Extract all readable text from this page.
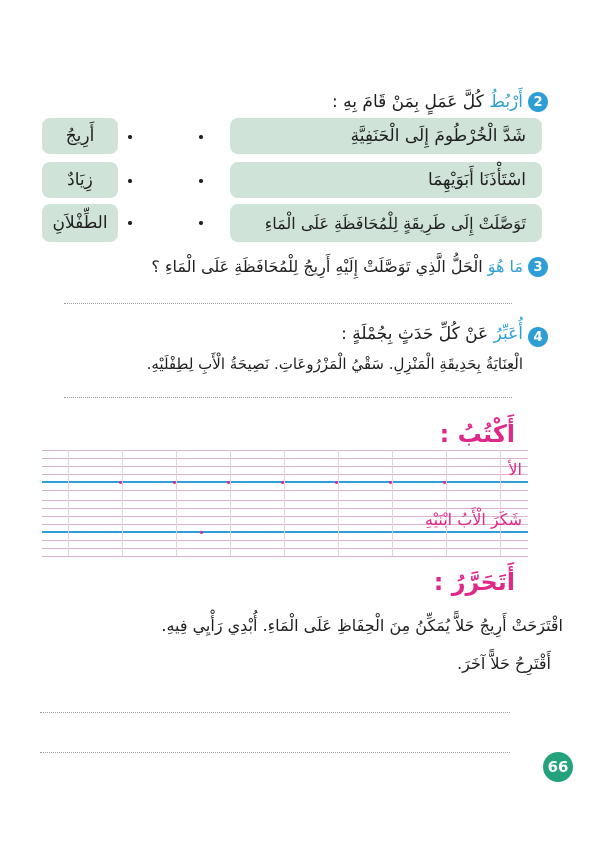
2
أَرْبُطُ كُلَّ عَمَلٍ بِمَنْ قَامَ بِهِ :
شَدَّ الْخُرْطُومَ إِلَى الْحَنَفِيَّةِ
اسْتَأْذَنَا أَبَوَيْهِمَا
تَوَصَّلَتْ إِلَى طَرِيقَةٍ لِلْمُحَافَظَةِ عَلَى الْمَاءِ
أَرِيجُ
زِيَادٌ
الطِّفْلاَنِ
3
مَا هُوَ الْحَلُّ الَّذِي تَوَصَّلَتْ إِلَيْهِ أَرِيجُ لِلْمُحَافَظَةِ عَلَى الْمَاءِ ؟
4
أُعَبِّرُ عَنْ كُلِّ حَدَثٍ بِجُمْلَةٍ :
الْعِنَايَةُ بِحَدِيقَةِ الْمَنْزِلِ. سَقْيُ الْمَزْرُوعَاتِ. نَصِيحَةُ الْأَبِ لِطِفْلَيْهِ.
أَكْتُبُ :
الأ
شَكَرَ الْأَبُ ابْنَيْهِ
أَتَحَرَّرُ :
اقْتَرَحَتْ أَرِيجُ حَلاًّ يُمَكِّنُ مِنَ الْحِفَاظِ عَلَى الْمَاءِ. أُبْدِي رَأْيِي فِيهِ.
أَقْتَرِحُ حَلاًّ آخَرَ.
66
